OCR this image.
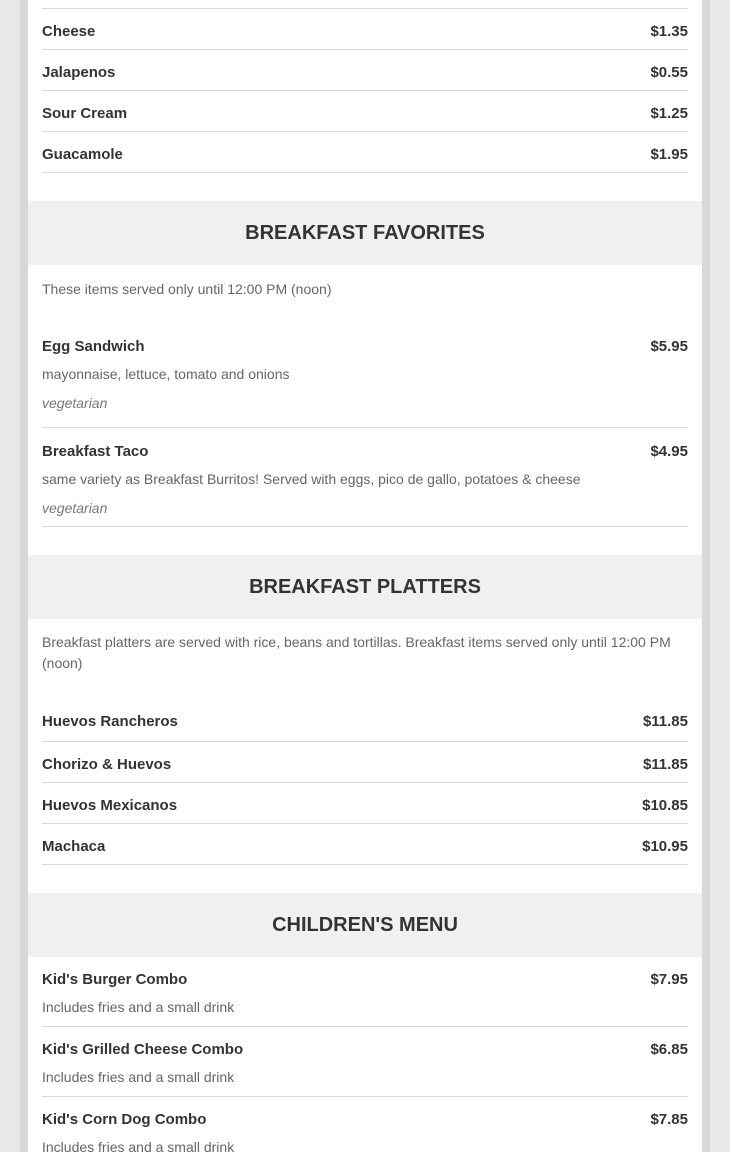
Cheese	$1.35
Jalapenos	$0.55
Sour Cream	$1.25
Guacamole	$1.95
BREAKFAST FAVORITES
These items served only until 12:00 PM (noon)
Egg Sandwich	$5.95
mayonnaise, lettuce, tomato and onions
vegetarian
Breakfast Taco	$4.95
same variety as Breakfast Burritos! Served with eggs, pico de gallo, potatoes & cheese
vegetarian
BREAKFAST PLATTERS
Breakfast platters are served with rice, beans and tortillas. Breakfast items served only until 12:00 PM (noon)
Huevos Rancheros	$11.85
Chorizo & Huevos	$11.85
Huevos Mexicanos	$10.85
Machaca	$10.95
CHILDREN'S MENU
Kid's Burger Combo	$7.95
Includes fries and a small drink
Kid's Grilled Cheese Combo	$6.85
Includes fries and a small drink
Kid's Corn Dog Combo	$7.85
Includes fries and a small drink
